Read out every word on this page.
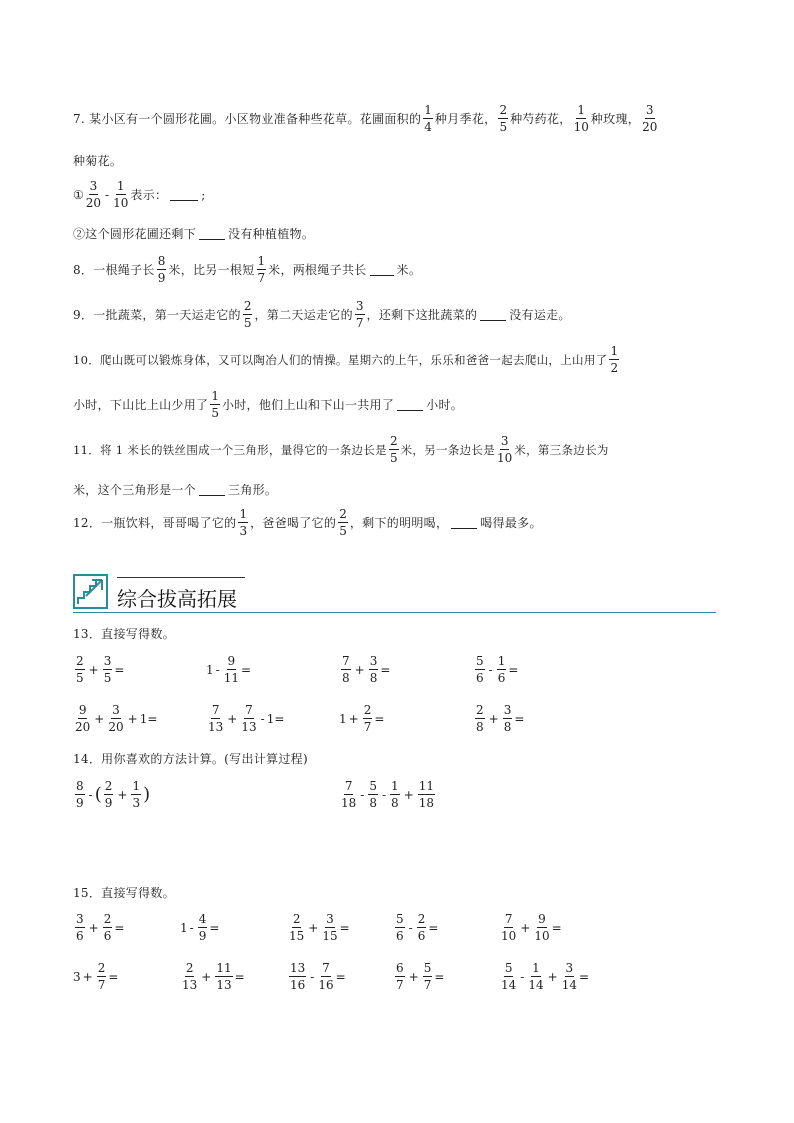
7. 某小区有一个圆形花圃。小区物业准备种些花草。花圃面积的 $\frac{1}{4}$ 种月季花， $\frac{2}{5}$ 种芍药花， $\frac{1}{10}$ 种玫瑰， $\frac{3}{20}$
种菊花。
① $\frac{3}{20} - \frac{1}{10}$ 表示：	;
②这个圆形花圃还剩下	没有种植植物。
8．一根绳子长 $\frac{8}{9}$ 米，比另一根短 $\frac{1}{7}$ 米，两根绳子共长	米。
9．一批蔬菜，第一天运走它的 $\frac{2}{5}$ ，第二天运走它的 $\frac{3}{7}$ ，还剩下这批蔬菜的	没有运走。
10．爬山既可以锻炼身体，又可以陶冶人们的情操。星期六的上午，乐乐和爸爸一起去爬山，上山用了 $\frac{1}{2}$
小时，下山比上山少用了 $\frac{1}{5}$ 小时，他们上山和下山一共用了	小时。
11．将 1 米长的铁丝围成一个三角形，量得它的一条边长是 $\frac{2}{5}$ 米，另一条边长是 $\frac{3}{10}$ 米，第三条边长为
米，这个三角形是一个	三角形。
12．一瓶饮料，哥哥喝了它的 $\frac{1}{3}$ ，爸爸喝了它的 $\frac{2}{5}$ ，剩下的明明喝，	喝得最多。
综合拔高拓展
13．直接写得数。
$\frac{2}{5} + \frac{3}{5}$ =	$1 - \frac{9}{11}$ =	$\frac{7}{8} + \frac{3}{8}$ =	$\frac{5}{6} - \frac{1}{6}$ =
$\frac{9}{20} + \frac{3}{20} + 1$ =	$\frac{7}{13} + \frac{7}{13} - 1$ =	$1 + \frac{2}{7}$ =	$\frac{2}{8} + \frac{3}{8}$ =
14．用你喜欢的方法计算。(写出计算过程)
$\frac{8}{9}$ - ( $\frac{2}{9} + \frac{1}{3}$ )	$\frac{7}{18} - \frac{5}{8} - \frac{1}{8} + \frac{11}{18}$
15．直接写得数。
$\frac{3}{6} + \frac{2}{6}$ =	$1 - \frac{4}{9}$ =	$\frac{2}{15} + \frac{3}{15}$ =	$\frac{5}{6} - \frac{2}{6}$ =	$\frac{7}{10} + \frac{9}{10}$ =
$3 + \frac{2}{7}$ =	$\frac{2}{13} + \frac{11}{13}$ =	$\frac{13}{16} - \frac{7}{16}$ =	$\frac{6}{7} + \frac{5}{7}$ =	$\frac{5}{14} - \frac{1}{14} + \frac{3}{14}$ =
